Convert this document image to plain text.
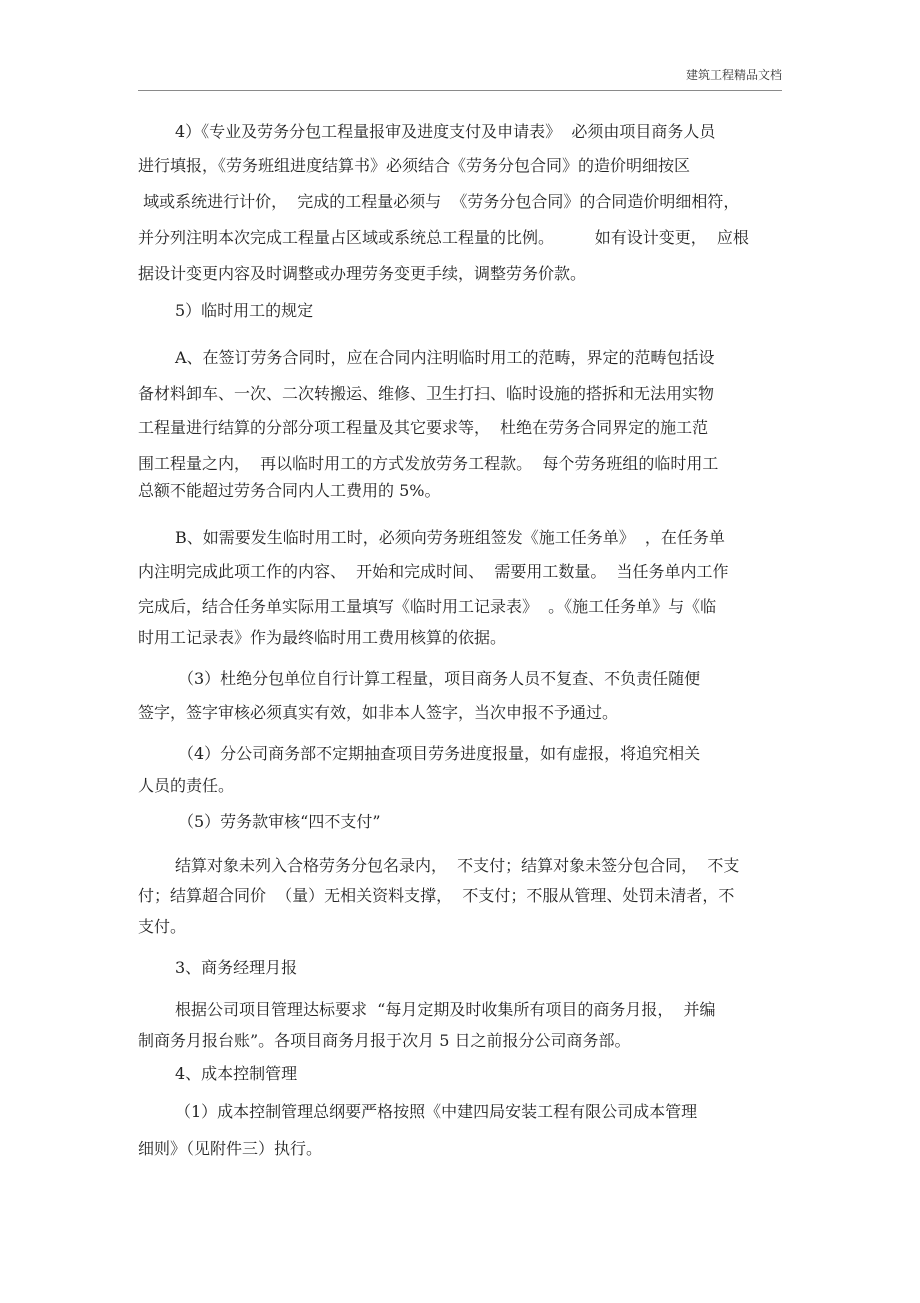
建筑工程精品文档
4）《专业及劳务分包工程量报审及进度支付及申请表》  必须由项目商务人员
进行填报，《劳务班组进度结算书》必须结合《劳务分包合同》的造价明细按区
域或系统进行计价，  完成的工程量必须与  《劳务分包合同》的合同造价明细相符，
并分列注明本次完成工程量占区域或系统总工程量的比例。        如有设计变更，  应根
据设计变更内容及时调整或办理劳务变更手续，调整劳务价款。
5）临时用工的规定
A、在签订劳务合同时，应在合同内注明临时用工的范畴，界定的范畴包括设
备材料卸车、一次、二次转搬运、维修、卫生打扫、临时设施的搭拆和无法用实物
工程量进行结算的分部分项工程量及其它要求等，  杜绝在劳务合同界定的施工范
围工程量之内，  再以临时用工的方式发放劳务工程款。  每个劳务班组的临时用工
总额不能超过劳务合同内人工费用的 5%。
B、如需要发生临时用工时，必须向劳务班组签发《施工任务单》  ，在任务单
内注明完成此项工作的内容、  开始和完成时间、  需要用工数量。  当任务单内工作
完成后，结合任务单实际用工量填写《临时用工记录表》  。《施工任务单》与《临
时用工记录表》作为最终临时用工费用核算的依据。
（3）杜绝分包单位自行计算工程量，项目商务人员不复查、不负责任随便
签字，签字审核必须真实有效，如非本人签字，当次申报不予通过。
（4）分公司商务部不定期抽查项目劳务进度报量，如有虚报，将追究相关
人员的责任。
（5）劳务款审核“四不支付”
结算对象未列入合格劳务分包名录内，  不支付；结算对象未签分包合同，  不支
付；结算超合同价  （量）无相关资料支撑，  不支付；不服从管理、处罚未清者，不
支付。
3、商务经理月报
根据公司项目管理达标要求  “每月定期及时收集所有项目的商务月报，  并编
制商务月报台账”。各项目商务月报于次月 5 日之前报分公司商务部。
4、成本控制管理
（1）成本控制管理总纲要严格按照《中建四局安装工程有限公司成本管理
细则》（见附件三）执行。
